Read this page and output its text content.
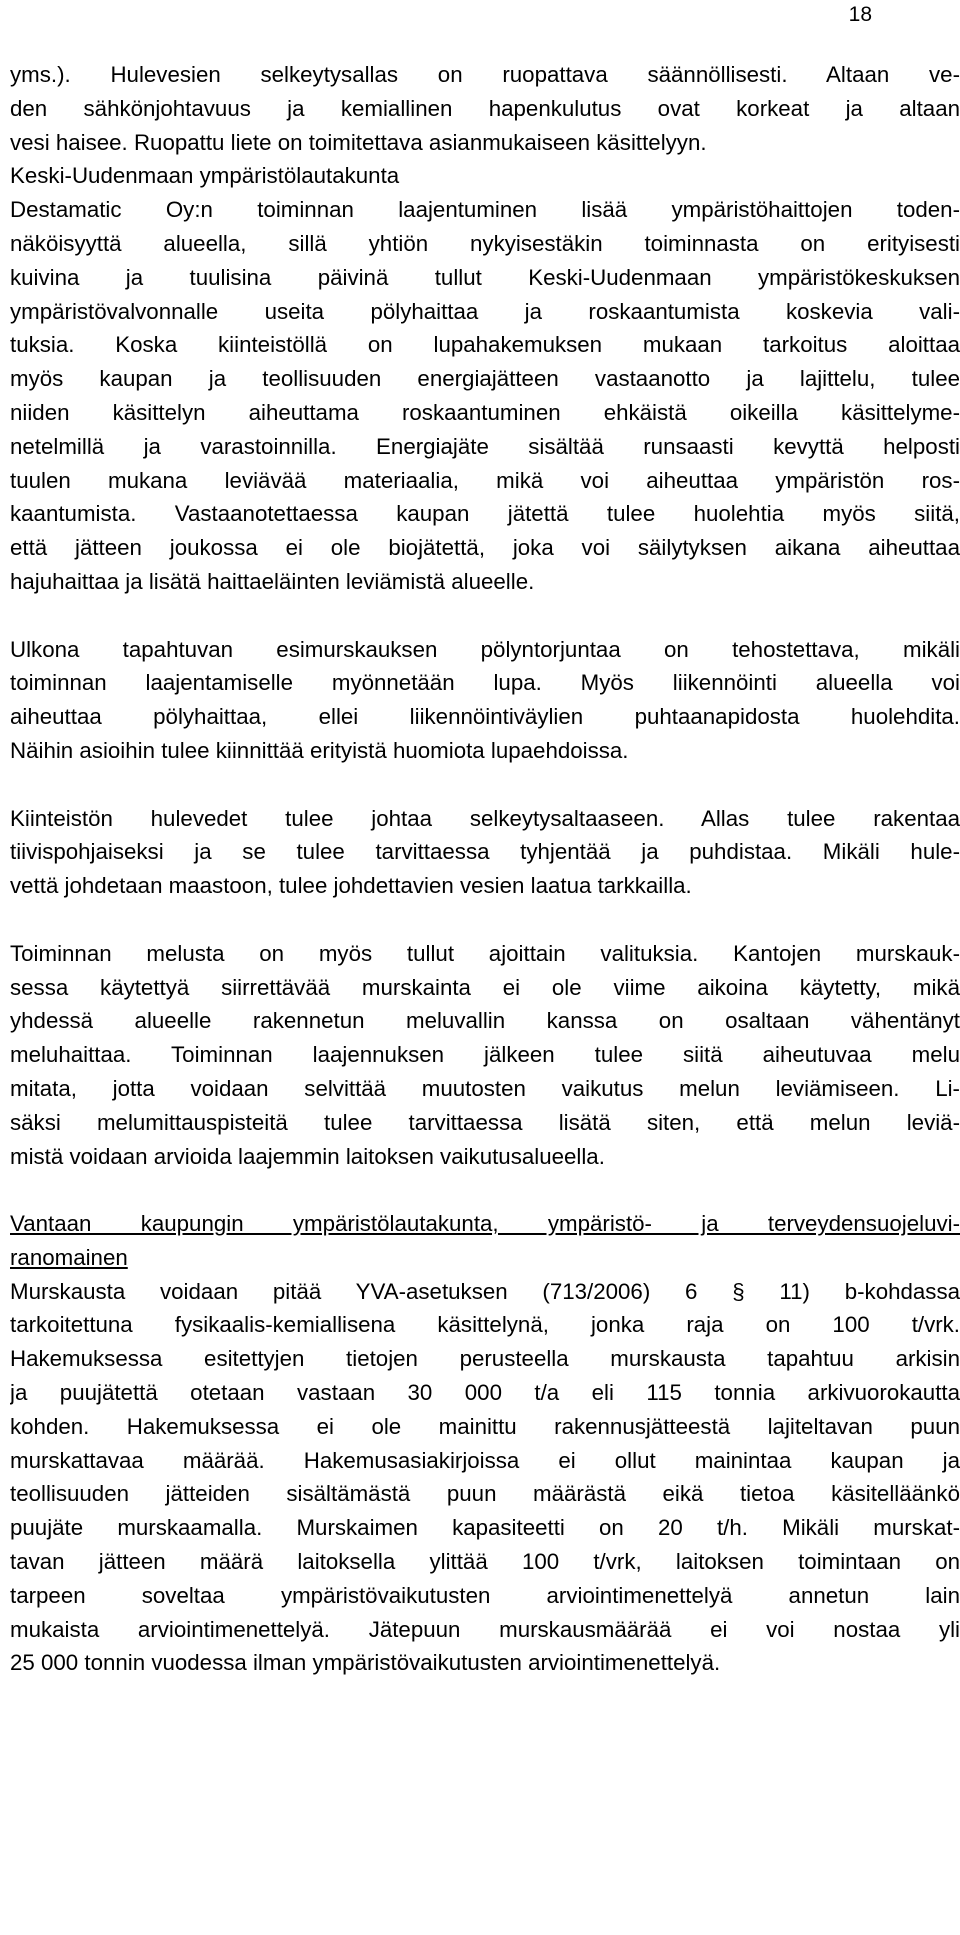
18
yms.). Hulevesien selkeytysallas on ruopattava säännöllisesti. Altaan ve-
den sähkönjohtavuus ja kemiallinen hapenkulutus ovat korkeat ja altaan
vesi haisee. Ruopattu liete on toimitettava asianmukaiseen käsittelyyn.
Keski-Uudenmaan ympäristölautakunta
Destamatic Oy:n toiminnan laajentuminen lisää ympäristöhaittojen toden-
näköisyyttä alueella, sillä yhtiön nykyisestäkin toiminnasta on erityisesti
kuivina ja tuulisina päivinä tullut Keski-Uudenmaan ympäristökeskuksen
ympäristövalvonnalle useita pölyhaittaa ja roskaantumista koskevia vali-
tuksia. Koska kiinteistöllä on lupahakemuksen mukaan tarkoitus aloittaa
myös kaupan ja teollisuuden energiajätteen vastaanotto ja lajittelu, tulee
niiden käsittelyn aiheuttama roskaantuminen ehkäistä oikeilla käsittelyme-
netelmillä ja varastoinnilla. Energiajäte sisältää runsaasti kevyttä helposti
tuulen mukana leviävää materiaalia, mikä voi aiheuttaa ympäristön ros-
kaantumista. Vastaanotettaessa kaupan jätettä tulee huolehtia myös siitä,
että jätteen joukossa ei ole biojätettä, joka voi säilytyksen aikana aiheuttaa
hajuhaittaa ja lisätä haittaeläinten leviämistä alueelle.
Ulkona tapahtuvan esimurskauksen pölyntorjuntaa on tehostettava, mikäli
toiminnan laajentamiselle myönnetään lupa. Myös liikennöinti alueella voi
aiheuttaa pölyhaittaa, ellei liikennöintiväylien puhtaanapidosta huolehdita.
Näihin asioihin tulee kiinnittää erityistä huomiota lupaehdoissa.
Kiinteistön hulevedet tulee johtaa selkeytysaltaaseen. Allas tulee rakentaa
tiivispohjaiseksi ja se tulee tarvittaessa tyhjentää ja puhdistaa. Mikäli hule-
vettä johdetaan maastoon, tulee johdettavien vesien laatua tarkkailla.
Toiminnan melusta on myös tullut ajoittain valituksia. Kantojen murskauk-
sessa käytettyä siirrettävää murskainta ei ole viime aikoina käytetty, mikä
yhdessä alueelle rakennetun meluvallin kanssa on osaltaan vähentänyt
meluhaittaa. Toiminnan laajennuksen jälkeen tulee siitä aiheutuvaa melu
mitata, jotta voidaan selvittää muutosten vaikutus melun leviämiseen. Li-
säksi melumittauspisteitä tulee tarvittaessa lisätä siten, että melun leviä-
mistä voidaan arvioida laajemmin laitoksen vaikutusalueella.
Vantaan kaupungin ympäristölautakunta, ympäristö- ja terveydensuojeluvi-
ranomainen
Murskausta voidaan pitää YVA-asetuksen (713/2006) 6 § 11) b-kohdassa
tarkoitettuna fysikaalis-kemiallisena käsittelynä, jonka raja on 100 t/vrk.
Hakemuksessa esitettyjen tietojen perusteella murskausta tapahtuu arkisin
ja puujätettä otetaan vastaan 30 000 t/a eli 115 tonnia arkivuorokautta
kohden. Hakemuksessa ei ole mainittu rakennusjätteestä lajiteltavan puun
murskattavaa määrää. Hakemusasiakirjoissa ei ollut mainintaa kaupan ja
teollisuuden jätteiden sisältämästä puun määrästä eikä tietoa käsitelläänkö
puujäte murskaamalla. Murskaimen kapasiteetti on 20 t/h. Mikäli murskat-
tavan jätteen määrä laitoksella ylittää 100 t/vrk, laitoksen toimintaan on
tarpeen soveltaa ympäristövaikutusten arviointimenettelyä annetun lain
mukaista arviointimenettelyä. Jätepuun murskausmäärää ei voi nostaa yli
25 000 tonnin vuodessa ilman ympäristövaikutusten arviointimenettelyä.
